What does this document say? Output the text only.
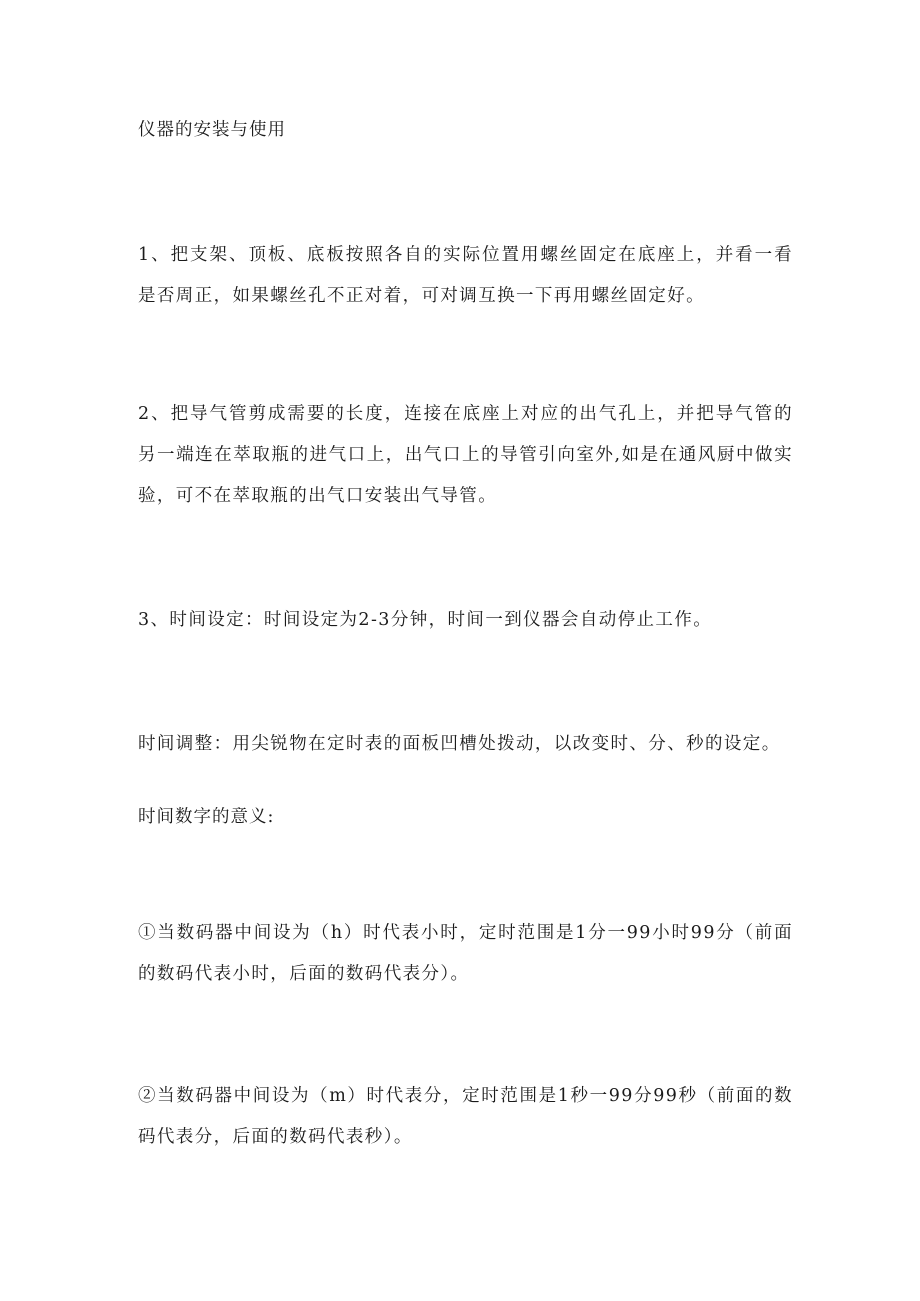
仪器的安装与使用

1、把支架、顶板、底板按照各自的实际位置用螺丝固定在底座上，并看一看是否周正，如果螺丝孔不正对着，可对调互换一下再用螺丝固定好。

2、把导气管剪成需要的长度，连接在底座上对应的出气孔上，并把导气管的另一端连在萃取瓶的进气口上，出气口上的导管引向室外,如是在通风厨中做实验，可不在萃取瓶的出气口安装出气导管。

3、时间设定：时间设定为2-3分钟，时间一到仪器会自动停止工作。

时间调整：用尖锐物在定时表的面板凹槽处拨动，以改变时、分、秒的设定。

时间数字的意义:

①当数码器中间设为（h）时代表小时，定时范围是1分一99小时99分（前面的数码代表小时，后面的数码代表分）。

②当数码器中间设为（m）时代表分，定时范围是1秒一99分99秒（前面的数码代表分，后面的数码代表秒）。
